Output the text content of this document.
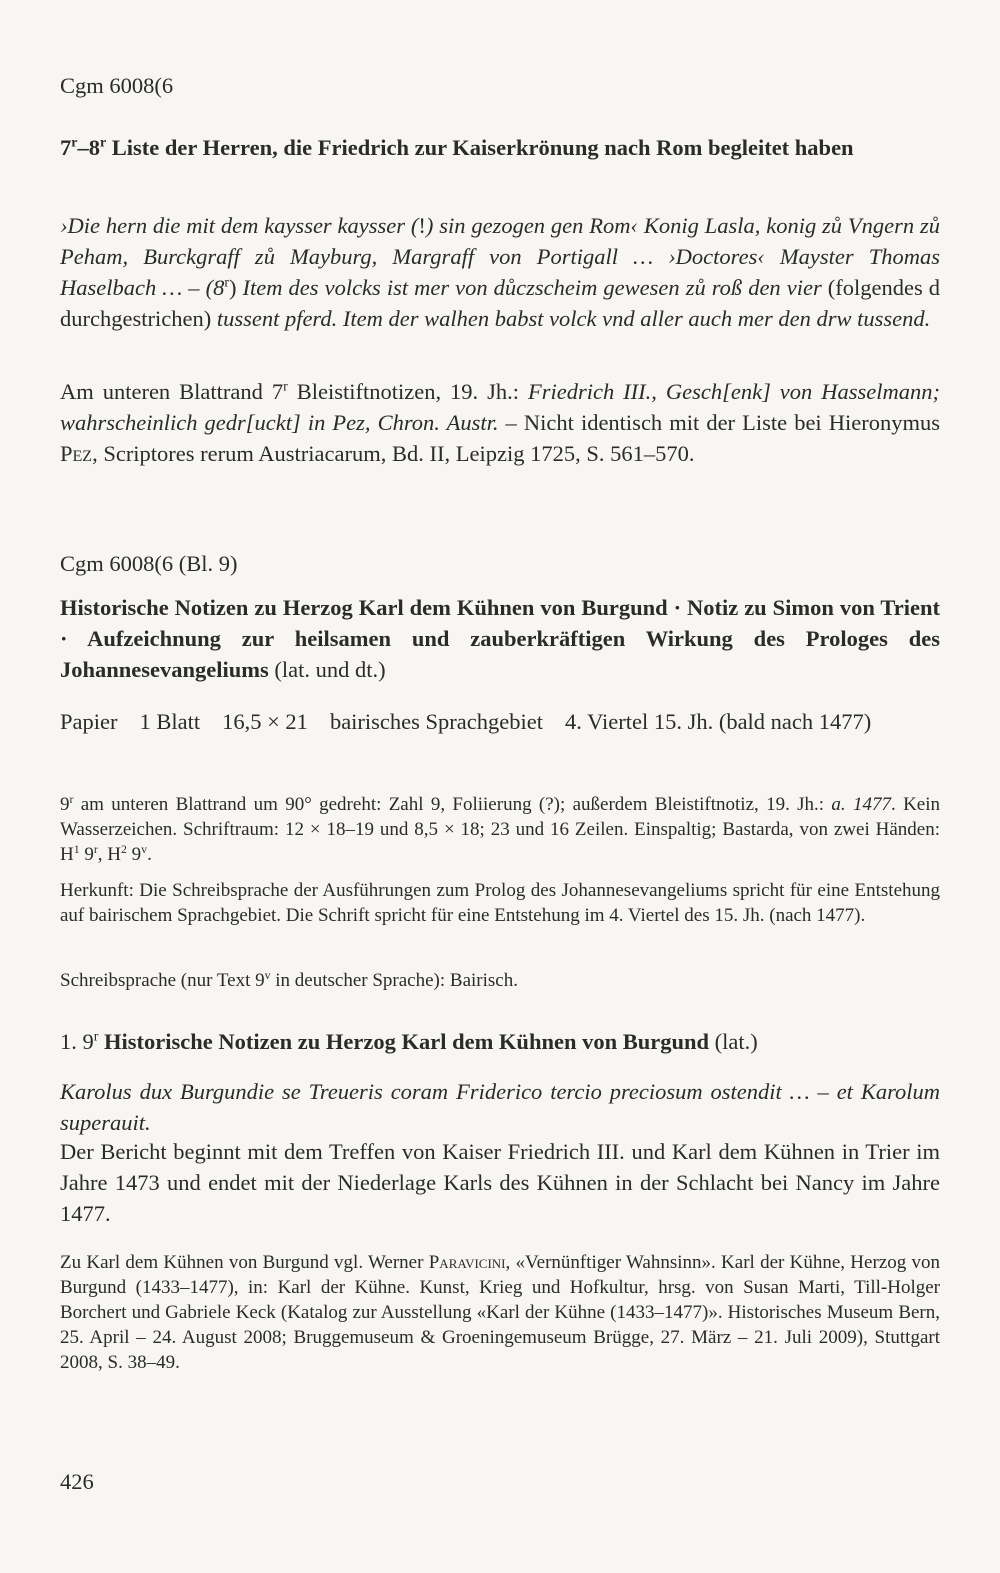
Cgm 6008(6

7$^r$–8$^r$ Liste der Herren, die Friedrich zur Kaiserkrönung nach Rom begleitet haben

›Die hern die mit dem kaysser kaysser (!) sin gezogen gen Rom‹ Konig Lasla, konig zů Vngern zů Peham, Burckgraff zů Mayburg, Margraff von Portigall … ›Doctores‹ Mayster Thomas Haselbach … – (8$^r$) Item des volcks ist mer von důczscheim gewesen zů roß den vier (folgendes d durchgestrichen) tussent pferd. Item der walhen babst volck vnd aller auch mer den drw tussend.

Am unteren Blattrand 7$^r$ Bleistiftnotizen, 19. Jh.: Friedrich III., Gesch[enk] von Hasselmann; wahrscheinlich gedr[uckt] in Pez, Chron. Austr. – Nicht identisch mit der Liste bei Hieronymus Pez, Scriptores rerum Austriacarum, Bd. II, Leipzig 1725, S. 561–570.

Cgm 6008(6 (Bl. 9)

Historische Notizen zu Herzog Karl dem Kühnen von Burgund · Notiz zu Simon von Trient · Aufzeichnung zur heilsamen und zauberkräftigen Wirkung des Prologes des Johannesevangeliums (lat. und dt.)

Papier 1 Blatt 16,5 × 21 bairisches Sprachgebiet 4. Viertel 15. Jh. (bald nach 1477)

9$^r$ am unteren Blattrand um 90° gedreht: Zahl 9, Foliierung (?); außerdem Bleistiftnotiz, 19. Jh.: a. 1477. Kein Wasserzeichen. Schriftraum: 12 × 18–19 und 8,5 × 18; 23 und 16 Zeilen. Einspaltig; Bastarda, von zwei Händen: $H^1$ 9$^r$, $H^2$ 9$^v$.

Herkunft: Die Schreibsprache der Ausführungen zum Prolog des Johannesevangeliums spricht für eine Entstehung auf bairischem Sprachgebiet. Die Schrift spricht für eine Entstehung im 4. Viertel des 15. Jh. (nach 1477).

Schreibsprache (nur Text 9$^v$ in deutscher Sprache): Bairisch.

1. 9$^r$ Historische Notizen zu Herzog Karl dem Kühnen von Burgund (lat.)

Karolus dux Burgundie se Treueris coram Friderico tercio preciosum ostendit … – et Karolum superauit.

Der Bericht beginnt mit dem Treffen von Kaiser Friedrich III. und Karl dem Kühnen in Trier im Jahre 1473 und endet mit der Niederlage Karls des Kühnen in der Schlacht bei Nancy im Jahre 1477.

Zu Karl dem Kühnen von Burgund vgl. Werner Paravicini, «Vernünftiger Wahnsinn». Karl der Kühne, Herzog von Burgund (1433–1477), in: Karl der Kühne. Kunst, Krieg und Hofkultur, hrsg. von Susan Marti, Till-Holger Borchert und Gabriele Keck (Katalog zur Ausstellung «Karl der Kühne (1433–1477)». Historisches Museum Bern, 25. April – 24. August 2008; Bruggemuseum & Groeningemuseum Brügge, 27. März – 21. Juli 2009), Stuttgart 2008, S. 38–49.

426
